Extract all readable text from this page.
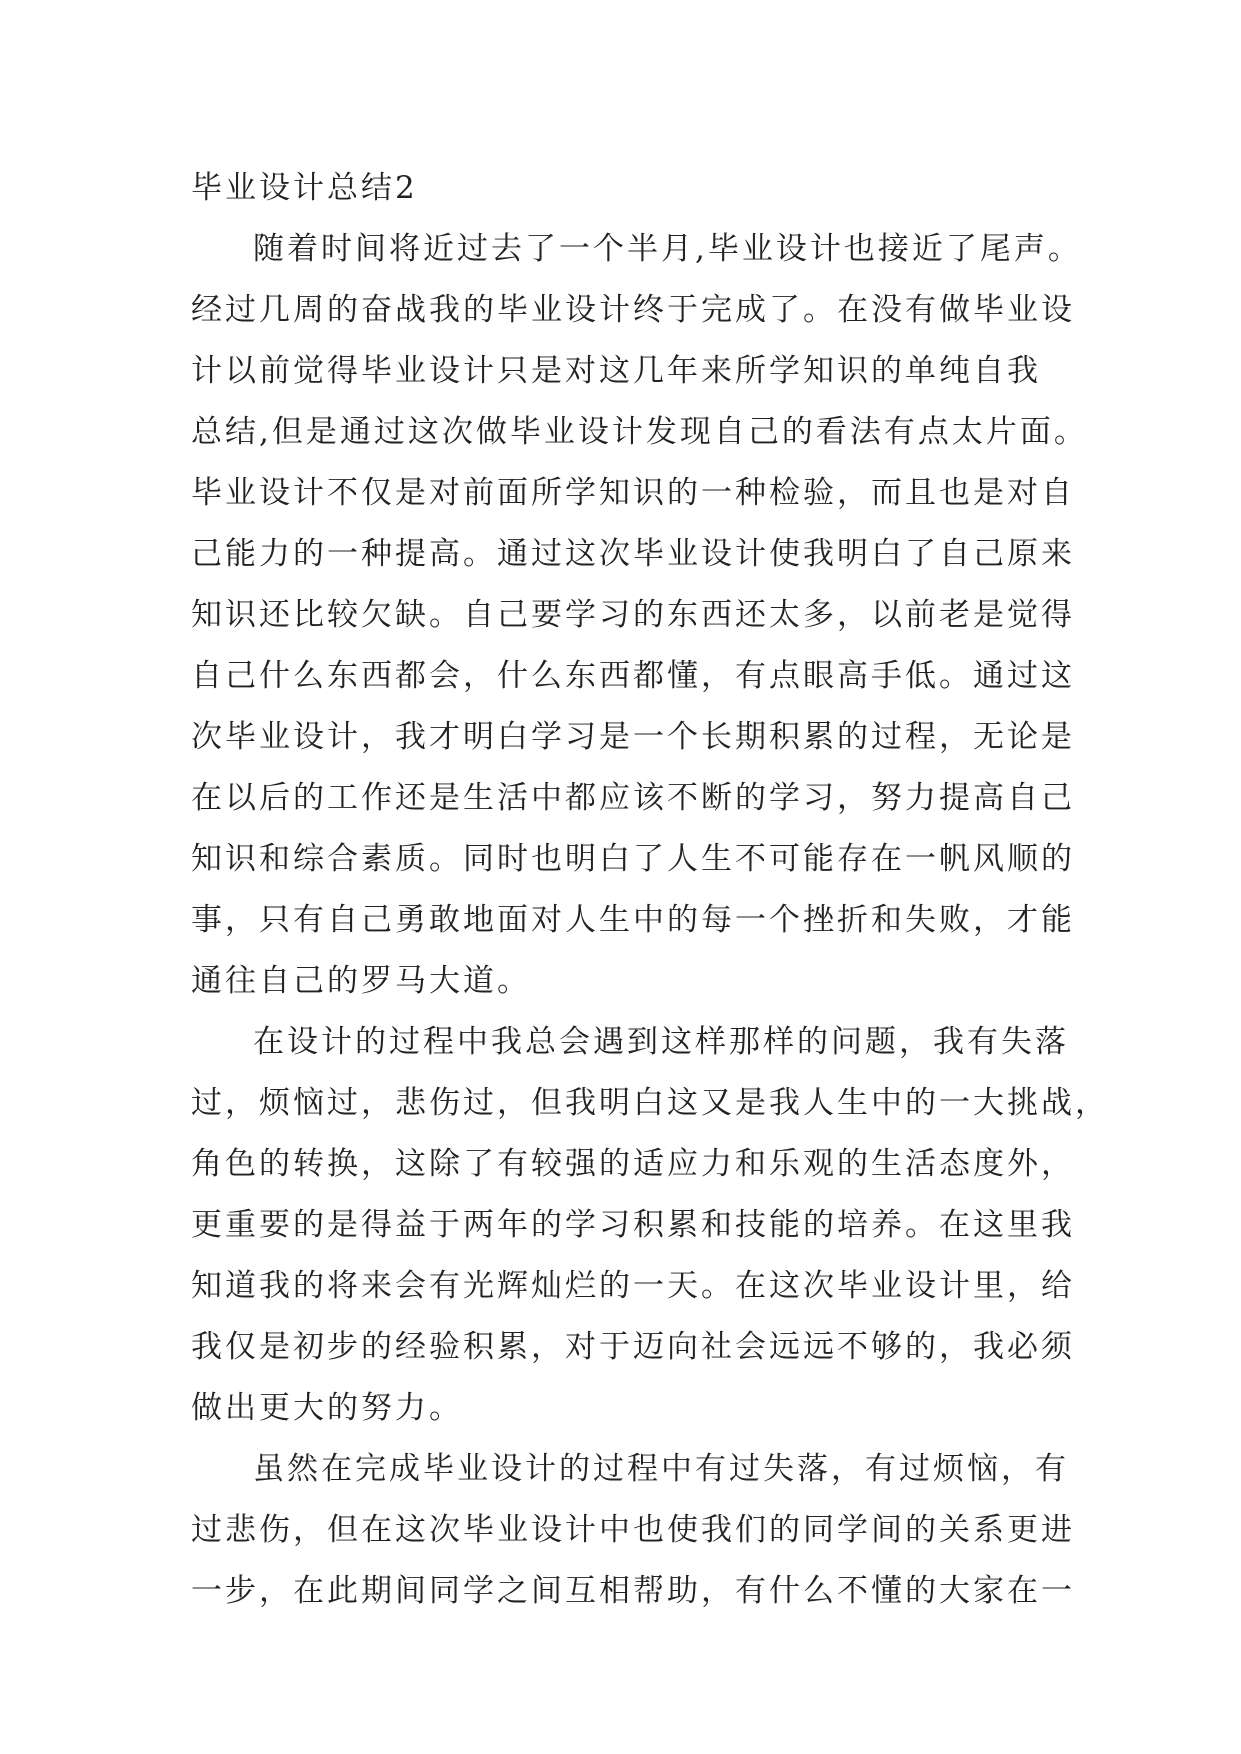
毕业设计总结2
随着时间将近过去了一个半月,毕业设计也接近了尾声。
经过几周的奋战我的毕业设计终于完成了。在没有做毕业设
计以前觉得毕业设计只是对这几年来所学知识的单纯自我
总结,但是通过这次做毕业设计发现自己的看法有点太片面。
毕业设计不仅是对前面所学知识的一种检验，而且也是对自
己能力的一种提高。通过这次毕业设计使我明白了自己原来
知识还比较欠缺。自己要学习的东西还太多，以前老是觉得
自己什么东西都会，什么东西都懂，有点眼高手低。通过这
次毕业设计，我才明白学习是一个长期积累的过程，无论是
在以后的工作还是生活中都应该不断的学习，努力提高自己
知识和综合素质。同时也明白了人生不可能存在一帆风顺的
事，只有自己勇敢地面对人生中的每一个挫折和失败，才能
通往自己的罗马大道。
在设计的过程中我总会遇到这样那样的问题，我有失落
过，烦恼过，悲伤过，但我明白这又是我人生中的一大挑战，
角色的转换，这除了有较强的适应力和乐观的生活态度外，
更重要的是得益于两年的学习积累和技能的培养。在这里我
知道我的将来会有光辉灿烂的一天。在这次毕业设计里，给
我仅是初步的经验积累，对于迈向社会远远不够的，我必须
做出更大的努力。
虽然在完成毕业设计的过程中有过失落，有过烦恼，有
过悲伤，但在这次毕业设计中也使我们的同学间的关系更进
一步，在此期间同学之间互相帮助，有什么不懂的大家在一
